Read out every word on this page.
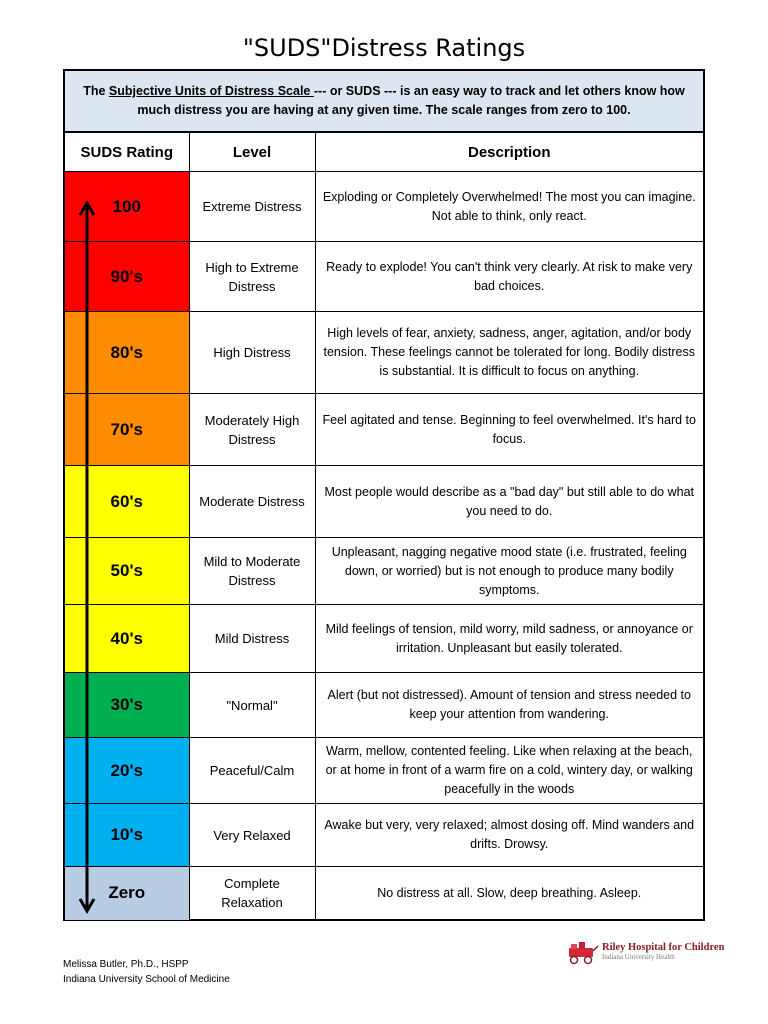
"SUDS"Distress Ratings
The Subjective Units of Distress Scale --- or SUDS --- is an easy way to track and let others know how much distress you are having at any given time. The scale ranges from zero to 100.
SUDS Rating	Level	Description
100	Extreme Distress	Exploding or Completely Overwhelmed! The most you can imagine. Not able to think, only react.
90's	High to Extreme Distress	Ready to explode! You can't think very clearly. At risk to make very bad choices.
80's	High Distress	High levels of fear, anxiety, sadness, anger, agitation, and/or body tension. These feelings cannot be tolerated for long. Bodily distress is substantial. It is difficult to focus on anything.
70's	Moderately High Distress	Feel agitated and tense. Beginning to feel overwhelmed. It's hard to focus.
60's	Moderate Distress	Most people would describe as a "bad day" but still able to do what you need to do.
50's	Mild to Moderate Distress	Unpleasant, nagging negative mood state (i.e. frustrated, feeling down, or worried) but is not enough to produce many bodily symptoms.
40's	Mild Distress	Mild feelings of tension, mild worry, mild sadness, or annoyance or irritation. Unpleasant but easily tolerated.
30's	"Normal"	Alert (but not distressed). Amount of tension and stress needed to keep your attention from wandering.
20's	Peaceful/Calm	Warm, mellow, contented feeling. Like when relaxing at the beach, or at home in front of a warm fire on a cold, wintery day, or walking peacefully in the woods
10's	Very Relaxed	Awake but very, very relaxed; almost dosing off. Mind wanders and drifts. Drowsy.
Zero	Complete Relaxation	No distress at all. Slow, deep breathing. Asleep.
Melissa Butler, Ph.D., HSPP
Indiana University School of Medicine
Riley Hospital for Children
Indiana University Health
